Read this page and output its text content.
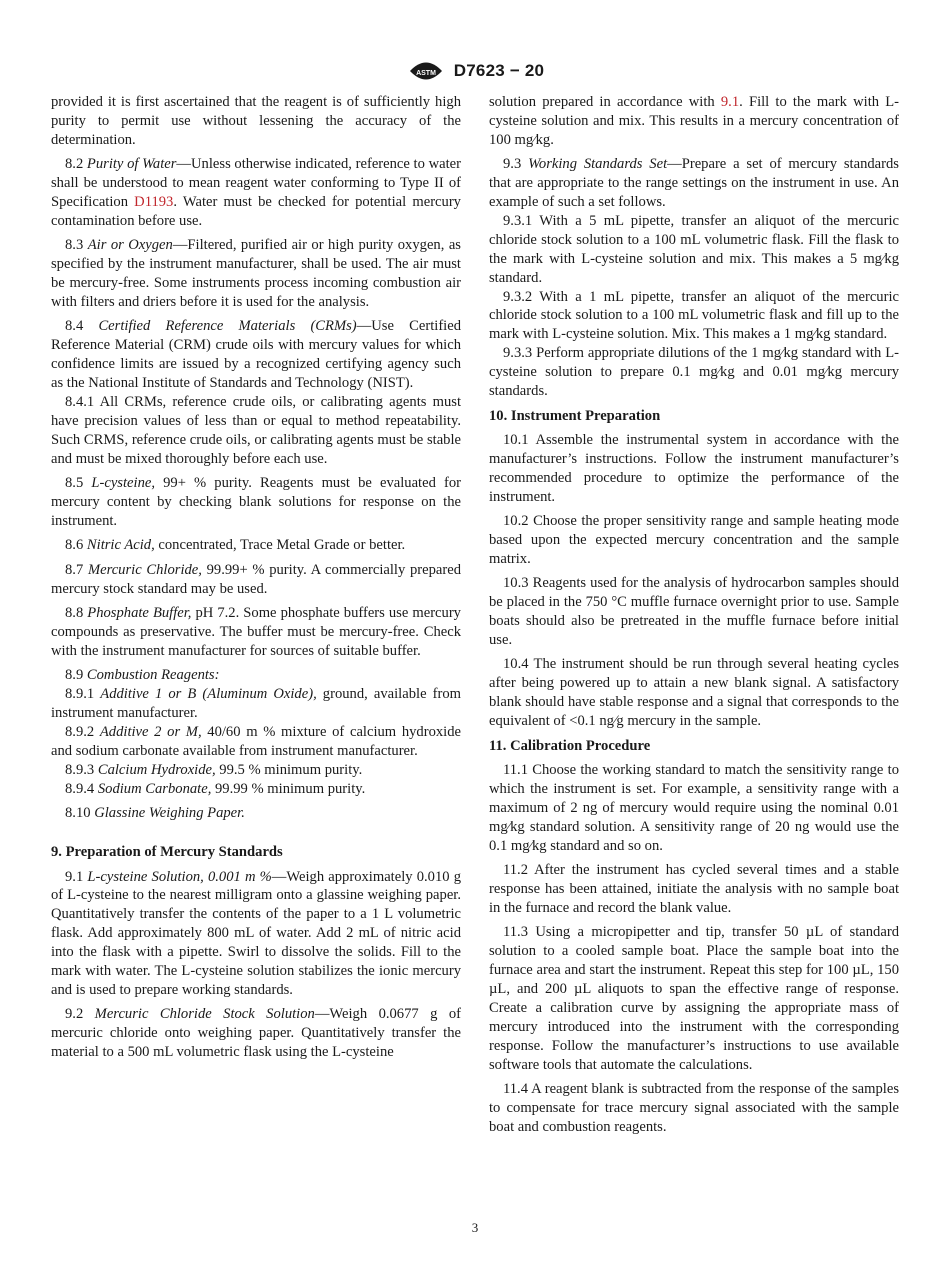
ASTM D7623 − 20

provided it is first ascertained that the reagent is of sufficiently high purity to permit use without lessening the accuracy of the determination.

8.2 Purity of Water—Unless otherwise indicated, reference to water shall be understood to mean reagent water conforming to Type II of Specification D1193. Water must be checked for potential mercury contamination before use.

8.3 Air or Oxygen—Filtered, purified air or high purity oxygen, as specified by the instrument manufacturer, shall be used. The air must be mercury-free. Some instruments process incoming combustion air with filters and driers before it is used for the analysis.

8.4 Certified Reference Materials (CRMs)—Use Certified Reference Material (CRM) crude oils with mercury values for which confidence limits are issued by a recognized certifying agency such as the National Institute of Standards and Technology (NIST).

8.4.1 All CRMs, reference crude oils, or calibrating agents must have precision values of less than or equal to method repeatability. Such CRMS, reference crude oils, or calibrating agents must be stable and must be mixed thoroughly before each use.

8.5 L-cysteine, 99+ % purity. Reagents must be evaluated for mercury content by checking blank solutions for response on the instrument.

8.6 Nitric Acid, concentrated, Trace Metal Grade or better.

8.7 Mercuric Chloride, 99.99+ % purity. A commercially prepared mercury stock standard may be used.

8.8 Phosphate Buffer, pH 7.2. Some phosphate buffers use mercury compounds as preservative. The buffer must be mercury-free. Check with the instrument manufacturer for sources of suitable buffer.

8.9 Combustion Reagents:

8.9.1 Additive 1 or B (Aluminum Oxide), ground, available from instrument manufacturer.

8.9.2 Additive 2 or M, 40/60 m % mixture of calcium hydroxide and sodium carbonate available from instrument manufacturer.

8.9.3 Calcium Hydroxide, 99.5 % minimum purity.

8.9.4 Sodium Carbonate, 99.99 % minimum purity.

8.10 Glassine Weighing Paper.

9. Preparation of Mercury Standards

9.1 L-cysteine Solution, 0.001 m %—Weigh approximately 0.010 g of L-cysteine to the nearest milligram onto a glassine weighing paper. Quantitatively transfer the contents of the paper to a 1 L volumetric flask. Add approximately 800 mL of water. Add 2 mL of nitric acid into the flask with a pipette. Swirl to dissolve the solids. Fill to the mark with water. The L-cysteine solution stabilizes the ionic mercury and is used to prepare working standards.

9.2 Mercuric Chloride Stock Solution—Weigh 0.0677 g of mercuric chloride onto weighing paper. Quantitatively transfer the material to a 500 mL volumetric flask using the L-cysteine

solution prepared in accordance with 9.1. Fill to the mark with L-cysteine solution and mix. This results in a mercury concentration of 100 mg⁄kg.

9.3 Working Standards Set—Prepare a set of mercury standards that are appropriate to the range settings on the instrument in use. An example of such a set follows.

9.3.1 With a 5 mL pipette, transfer an aliquot of the mercuric chloride stock solution to a 100 mL volumetric flask. Fill the flask to the mark with L-cysteine solution and mix. This makes a 5 mg⁄kg standard.

9.3.2 With a 1 mL pipette, transfer an aliquot of the mercuric chloride stock solution to a 100 mL volumetric flask and fill up to the mark with L-cysteine solution. Mix. This makes a 1 mg⁄kg standard.

9.3.3 Perform appropriate dilutions of the 1 mg⁄kg standard with L-cysteine solution to prepare 0.1 mg⁄kg and 0.01 mg⁄kg mercury standards.

10. Instrument Preparation

10.1 Assemble the instrumental system in accordance with the manufacturer’s instructions. Follow the instrument manufacturer’s recommended procedure to optimize the performance of the instrument.

10.2 Choose the proper sensitivity range and sample heating mode based upon the expected mercury concentration and the sample matrix.

10.3 Reagents used for the analysis of hydrocarbon samples should be placed in the 750 °C muffle furnace overnight prior to use. Sample boats should also be pretreated in the muffle furnace before initial use.

10.4 The instrument should be run through several heating cycles after being powered up to attain a new blank signal. A satisfactory blank should have stable response and a signal that corresponds to the equivalent of <0.1 ng⁄g mercury in the sample.

11. Calibration Procedure

11.1 Choose the working standard to match the sensitivity range to which the instrument is set. For example, a sensitivity range with a maximum of 2 ng of mercury would require using the nominal 0.01 mg⁄kg standard solution. A sensitivity range of 20 ng would use the 0.1 mg⁄kg standard and so on.

11.2 After the instrument has cycled several times and a stable response has been attained, initiate the analysis with no sample boat in the furnace and record the blank value.

11.3 Using a micropipetter and tip, transfer 50 µL of standard solution to a cooled sample boat. Place the sample boat into the furnace area and start the instrument. Repeat this step for 100 µL, 150 µL, and 200 µL aliquots to span the effective range of response. Create a calibration curve by assigning the appropriate mass of mercury introduced into the instrument with the corresponding response. Follow the manufacturer’s instructions to use available software tools that automate the calculations.

11.4 A reagent blank is subtracted from the response of the samples to compensate for trace mercury signal associated with the sample boat and combustion reagents.

3
